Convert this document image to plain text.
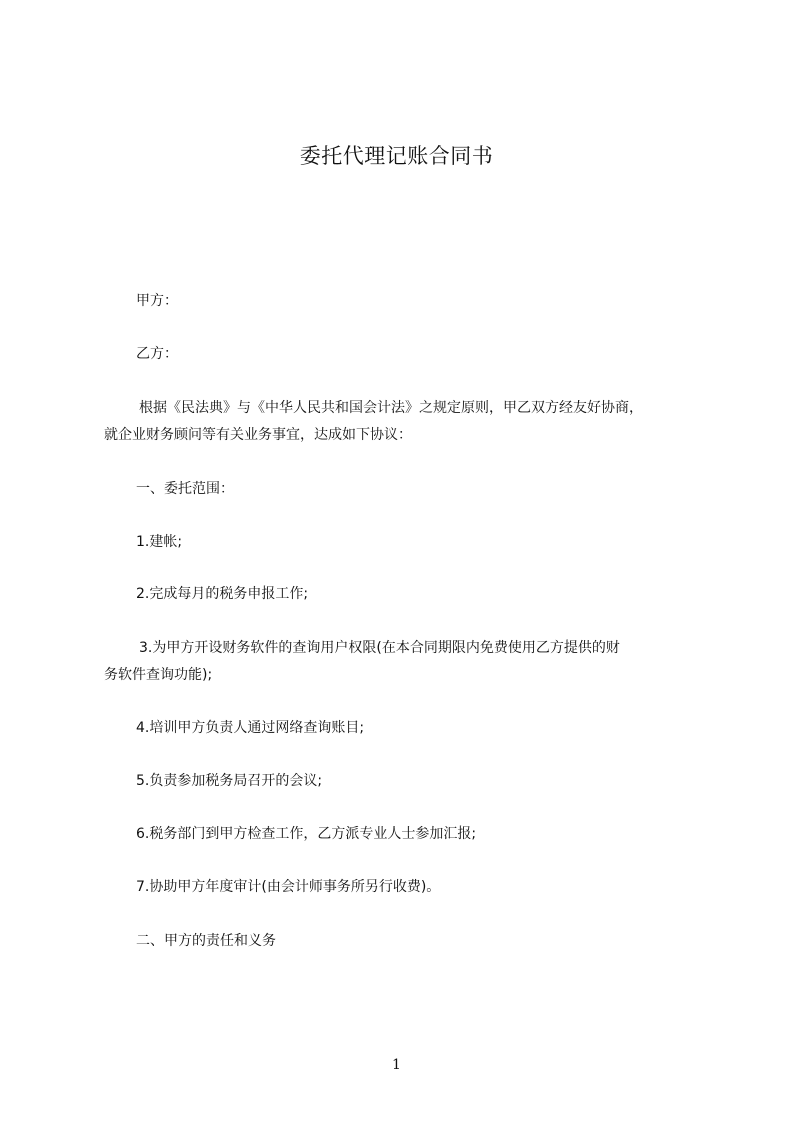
委托代理记账合同书
甲方：
乙方：
根据《民法典》与《中华人民共和国会计法》之规定原则，甲乙双方经友好协商，
就企业财务顾问等有关业务事宜，达成如下协议：
一、委托范围：
1.建帐;
2.完成每月的税务申报工作;
3.为甲方开设财务软件的查询用户权限(在本合同期限内免费使用乙方提供的财
务软件查询功能);
4.培训甲方负责人通过网络查询账目;
5.负责参加税务局召开的会议;
6.税务部门到甲方检查工作，乙方派专业人士参加汇报;
7.协助甲方年度审计(由会计师事务所另行收费)。
二、甲方的责任和义务
1
